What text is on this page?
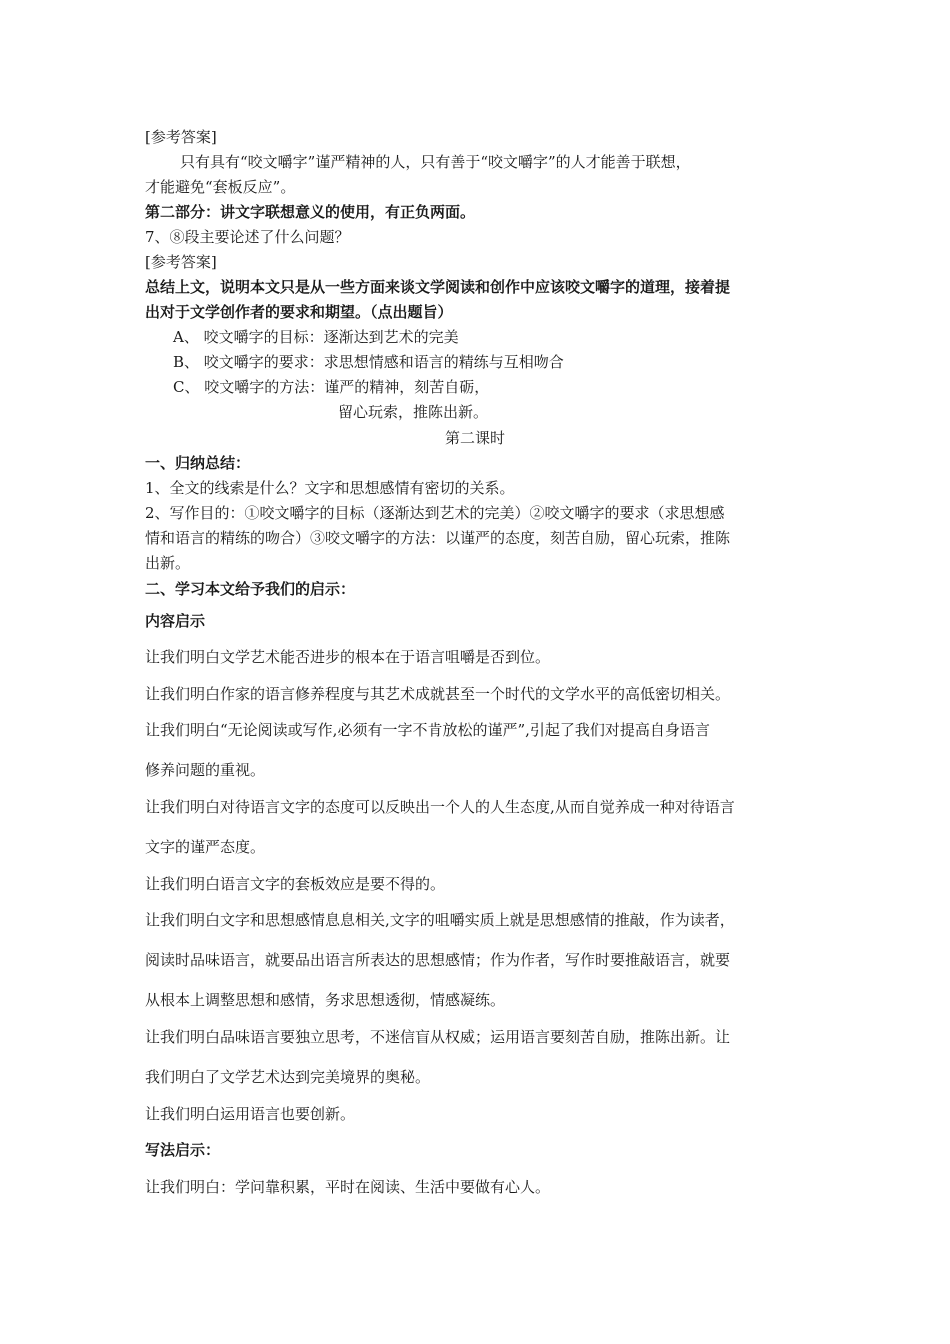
[参考答案]
只有具有“咬文嚼字”谨严精神的人，只有善于“咬文嚼字”的人才能善于联想，
才能避免“套板反应”。
第二部分：讲文字联想意义的使用，有正负两面。
7、⑧段主要论述了什么问题？
[参考答案]
总结上文，说明本文只是从一些方面来谈文学阅读和创作中应该咬文嚼字的道理，接着提
出对于文学创作者的要求和期望。（点出题旨）
A、 咬文嚼字的目标：逐渐达到艺术的完美
B、 咬文嚼字的要求：求思想情感和语言的精练与互相吻合
C、 咬文嚼字的方法：谨严的精神，刻苦自砺，
留心玩索，推陈出新。
第二课时
一、归纳总结：
1、全文的线索是什么？文字和思想感情有密切的关系。
2、写作目的：①咬文嚼字的目标（逐渐达到艺术的完美）②咬文嚼字的要求（求思想感
情和语言的精练的吻合）③咬文嚼字的方法：以谨严的态度，刻苦自励，留心玩索，推陈
出新。
二、学习本文给予我们的启示：
内容启示
让我们明白文学艺术能否进步的根本在于语言咀嚼是否到位。
让我们明白作家的语言修养程度与其艺术成就甚至一个时代的文学水平的高低密切相关。
让我们明白“无论阅读或写作,必须有一字不肯放松的谨严”,引起了我们对提高自身语言
修养问题的重视。
让我们明白对待语言文字的态度可以反映出一个人的人生态度,从而自觉养成一种对待语言
文字的谨严态度。
让我们明白语言文字的套板效应是要不得的。
让我们明白文字和思想感情息息相关,文字的咀嚼实质上就是思想感情的推敲，作为读者，
阅读时品味语言，就要品出语言所表达的思想感情；作为作者，写作时要推敲语言，就要
从根本上调整思想和感情，务求思想透彻，情感凝练。
让我们明白品味语言要独立思考，不迷信盲从权威；运用语言要刻苦自励，推陈出新。让
我们明白了文学艺术达到完美境界的奥秘。
让我们明白运用语言也要创新。
写法启示：
让我们明白：学问靠积累，平时在阅读、生活中要做有心人。
